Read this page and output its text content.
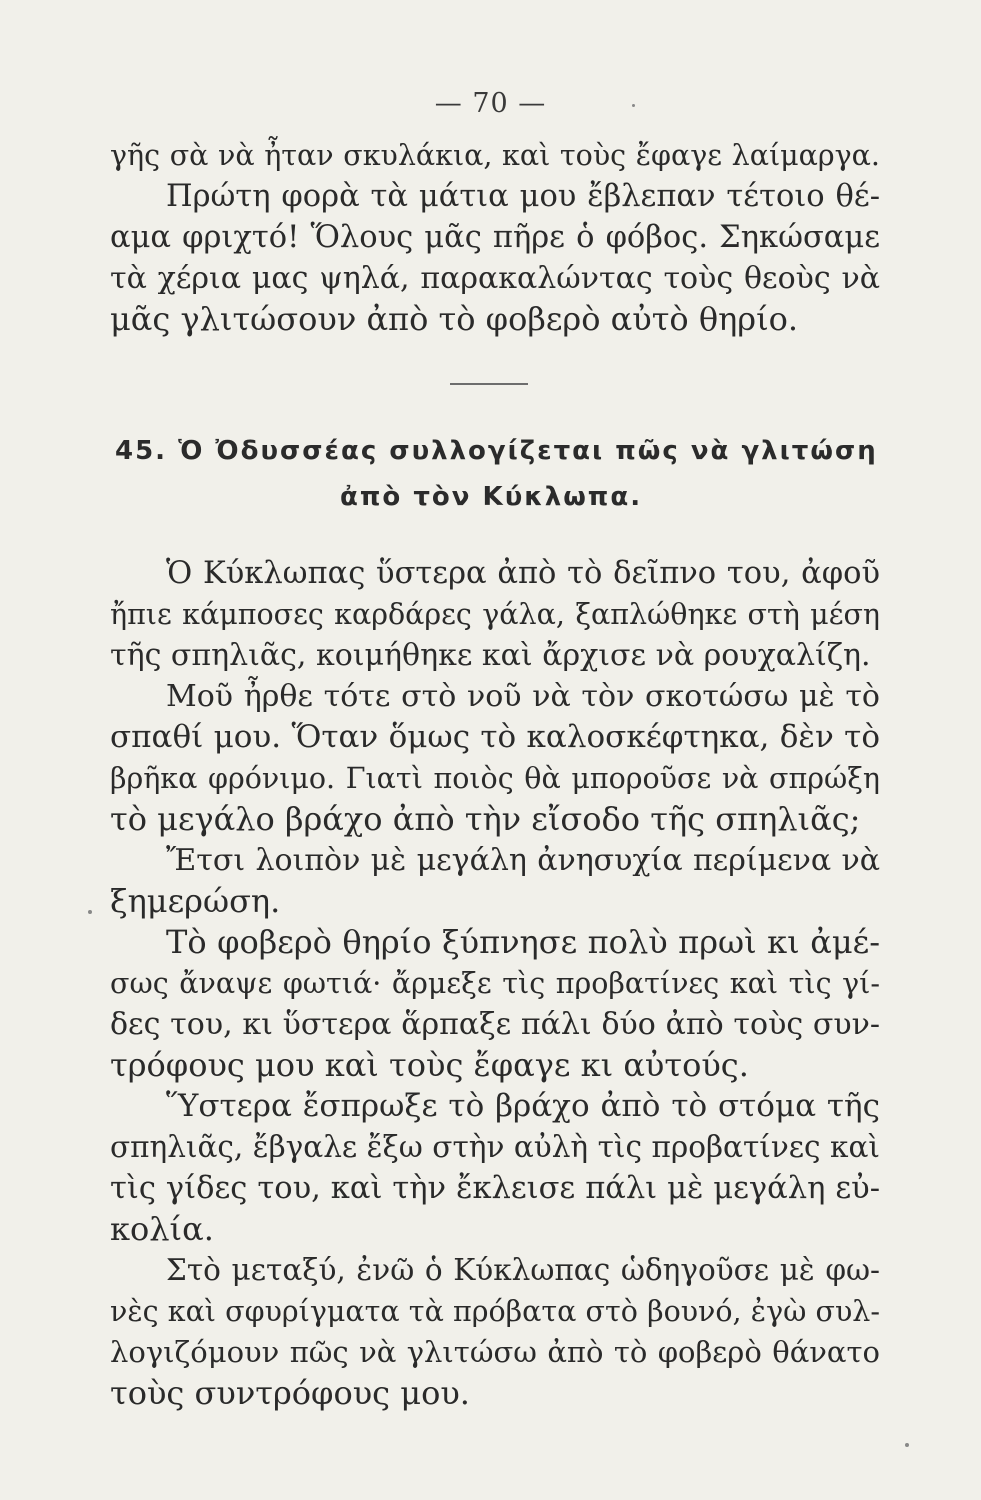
— 70 —

γῆς σὰ νὰ ἦταν σκυλάκια, καὶ τοὺς ἔφαγε λαίμαργα.
Πρώτη φορὰ τὰ μάτια μου ἔβλεπαν τέτοιο θέ-
αμα φριχτό! Ὅλους μᾶς πῆρε ὁ φόβος. Σηκώσαμε
τὰ χέρια μας ψηλά, παρακαλώντας τοὺς θεοὺς νὰ
μᾶς γλιτώσουν ἀπὸ τὸ φοβερὸ αὐτὸ θηρίο.

45. Ὁ Ὀδυσσέας συλλογίζεται πῶς νὰ γλιτώση
ἀπὸ τὸν Κύκλωπα.

Ὁ Κύκλωπας ὕστερα ἀπὸ τὸ δεῖπνο του, ἀφοῦ
ἤπιε κάμποσες καρδάρες γάλα, ξαπλώθηκε στὴ μέση
τῆς σπηλιᾶς, κοιμήθηκε καὶ ἄρχισε νὰ ρουχαλίζη.

Μοῦ ἦρθε τότε στὸ νοῦ νὰ τὸν σκοτώσω μὲ τὸ
σπαθί μου. Ὅταν ὅμως τὸ καλοσκέφτηκα, δὲν τὸ
βρῆκα φρόνιμο. Γιατὶ ποιὸς θὰ μποροῦσε νὰ σπρώξη
τὸ μεγάλο βράχο ἀπὸ τὴν εἴσοδο τῆς σπηλιᾶς;

Ἔτσι λοιπὸν μὲ μεγάλη ἀνησυχία περίμενα νὰ
ξημερώση.

Τὸ φοβερὸ θηρίο ξύπνησε πολὺ πρωὶ κι ἀμέ-
σως ἄναψε φωτιά· ἄρμεξε τὶς προβατίνες καὶ τὶς γί-
δες του, κι ὕστερα ἅρπαξε πάλι δύο ἀπὸ τοὺς συν-
τρόφους μου καὶ τοὺς ἔφαγε κι αὐτούς.

Ὕστερα ἔσπρωξε τὸ βράχο ἀπὸ τὸ στόμα τῆς
σπηλιᾶς, ἔβγαλε ἔξω στὴν αὐλὴ τὶς προβατίνες καὶ
τὶς γίδες του, καὶ τὴν ἔκλεισε πάλι μὲ μεγάλη εὐ-
κολία.

Στὸ μεταξύ, ἐνῶ ὁ Κύκλωπας ὡδηγοῦσε μὲ φω-
νὲς καὶ σφυρίγματα τὰ πρόβατα στὸ βουνό, ἐγὼ συλ-
λογιζόμουν πῶς νὰ γλιτώσω ἀπὸ τὸ φοβερὸ θάνατο
τοὺς συντρόφους μου.
